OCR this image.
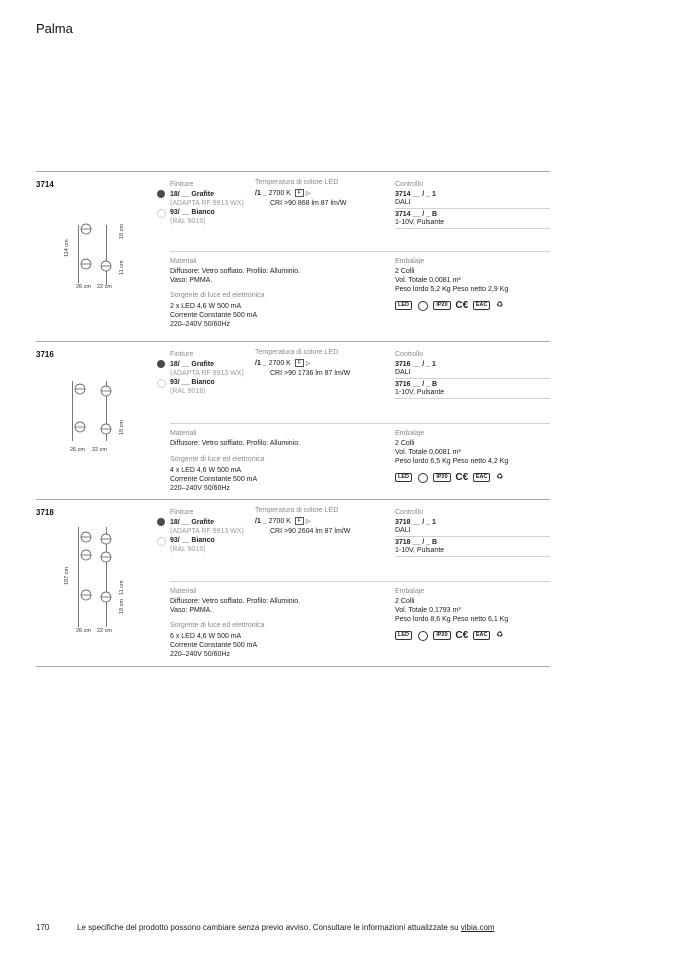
Palma
3714	Finiture
18/ __ Grafite
(ADAPTA RF 9913 WX)
93/ __ Bianco
(RAL 9016)
Temperatura di colore LED
/1 _ 2700 K F ▷
CRI >90 868 lm 87 lm/W
Controllo
3714 __ / _ 1
DALI
3714 __ / _ B
1-10V, Pulsante
Materiali
Diffusore: Vetro soffiato. Profilo: Alluminio.
Vaso: PMMA.
Sorgente di luce ed elettronica
2 x LED 4,6 W 500 mA
Corrente Constante 500 mA
220–240V 50/60Hz
Embalaje
2 Colli
Vol. Totale 0,0081 m³
Peso lordo 5,2 Kg Peso netto 2,9 Kg
LED	IP20 C€ EAC ♻
114 cm
19 cm
11 cm
26 cm 22 cm
3716	Finiture
18/ __ Grafite
(ADAPTA RF 9913 WX)
93/ __ Bianco
(RAL 9016)
Temperatura di colore LED
/1 _ 2700 K F ▷
CRI >90 1736 lm 87 lm/W
Controllo
3716 __ / _ 1
DALI
3716 __ / _ B
1-10V, Pulsante
Materiali
Diffusore: Vetro soffiato. Profilo: Alluminio.
Sorgente di luce ed elettronica
4 x LED 4,6 W 500 mA
Corrente Constante 500 mA
220–240V 50/60Hz
Embalaje
2 Colli
Vol. Totale 0,0081 m³
Peso lordo 6,5 Kg Peso netto 4,2 Kg
LED	IP20 C€ EAC ♻
19 cm
26 cm 22 cm
3718	Finiture
18/ __ Grafite
(ADAPTA RF 9913 WX)
93/ __ Bianco
(RAL 9016)
Temperatura di colore LED
/1 _ 2700 K F ▷
CRI >90 2604 lm 87 lm/W
Controllo
3718 __ / _ 1
DALI
3718 __ / _ B
1-10V, Pulsante
Materiali
Diffusore: Vetro soffiato. Profilo: Alluminio.
Vaso: PMMA.
Sorgente di luce ed elettronica
6 x LED 4,6 W 500 mA
Corrente Constante 500 mA
220–240V 50/60Hz
Embalaje
2 Colli
Vol. Totale 0,1793 m³
Peso lordo 8,6 Kg Peso netto 6,1 Kg
LED	IP20 C€ EAC ♻
187 cm
19 cm
11 cm
26 cm 22 cm
170	Le specifiche del prodotto possono cambiare senza previo avviso. Consultare le informazioni attualizzate su vibia.com
